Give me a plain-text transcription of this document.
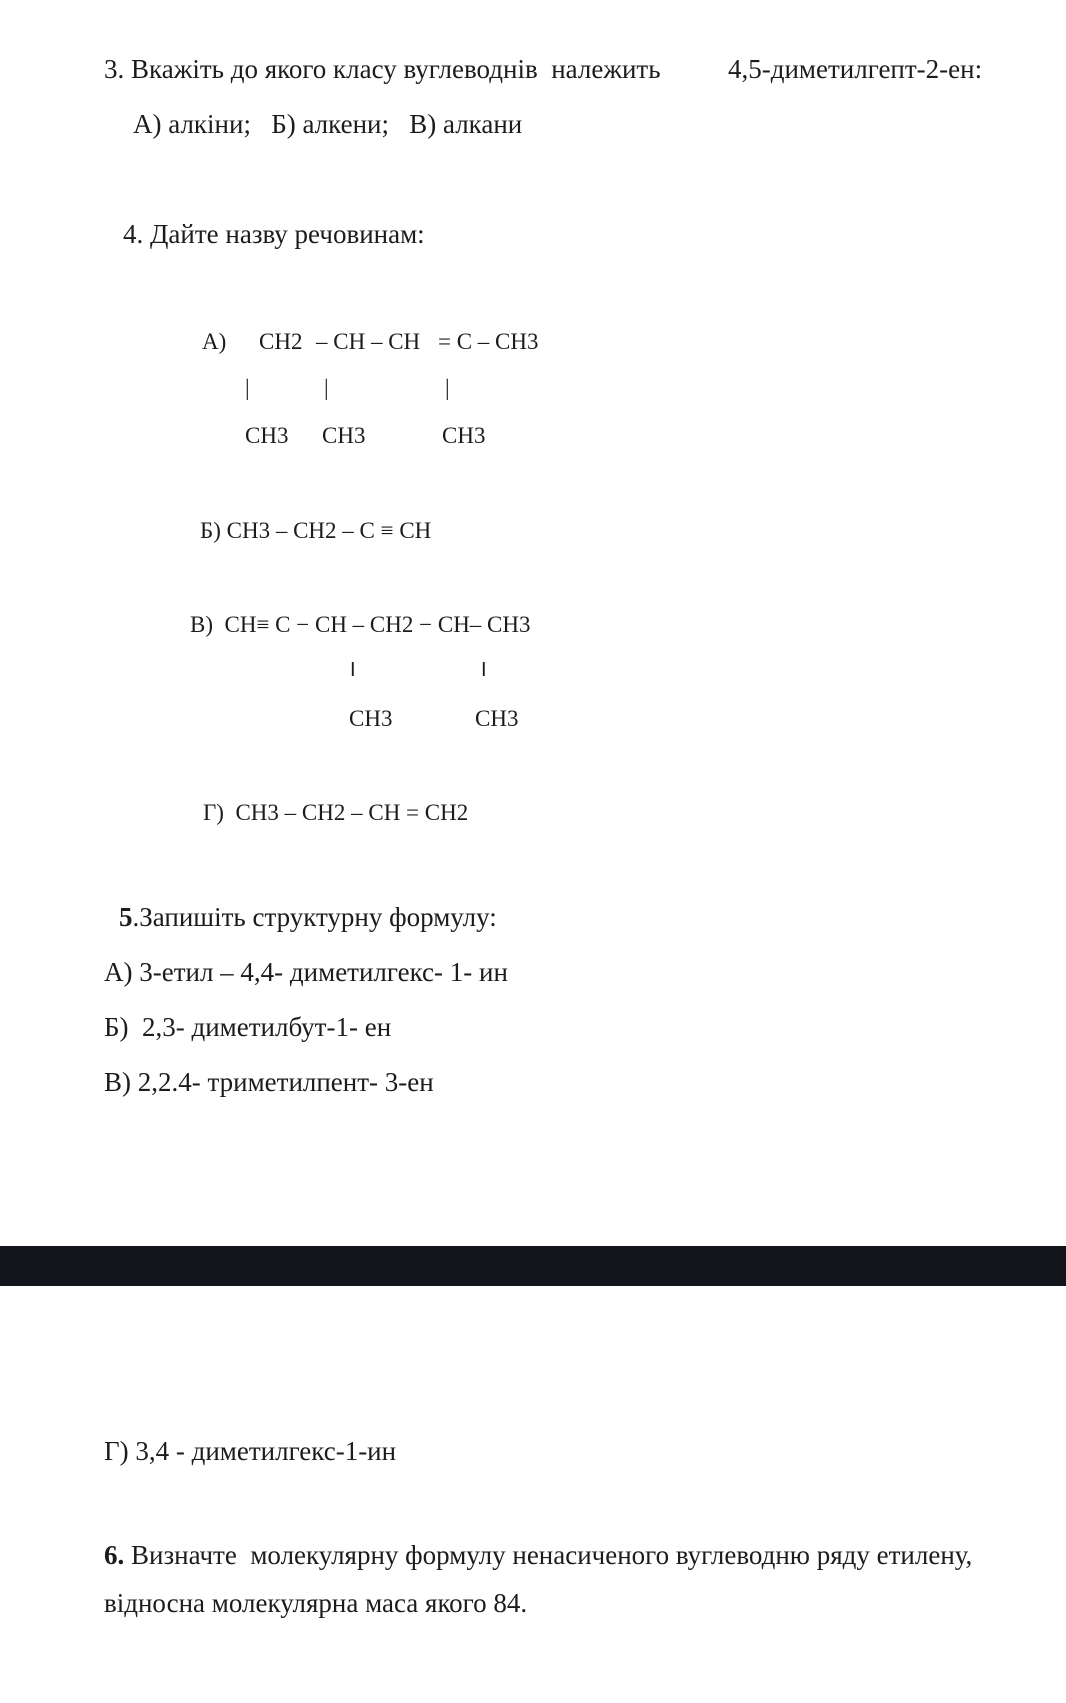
3. Вкажіть до якого класу вуглеводнів  належить 4,5-диметилгепт-2-ен:
А) алкіни;   Б) алкени;   В) алкани
4. Дайте назву речовинам:
А) CH2 – CH – CH = C – CH3
|	|	|
CH3 CH3	CH3
Б) CH3 – CH2 – C ≡ CH
В)  CH≡ C − CH – CH2 − CH– CH3
I	I
CH3	CH3
Г)  CH3 – CH2 – CH = CH2
5.Запишіть структурну формулу:
А) 3-етил – 4,4- диметилгекс- 1- ин
Б)  2,3- диметилбут-1- ен
В) 2,2.4- триметилпент- 3-ен
Г) 3,4 - диметилгекс-1-ин
6. Визначте  молекулярну формулу ненасиченого вуглеводню ряду етилену,
відносна молекулярна маса якого 84.
